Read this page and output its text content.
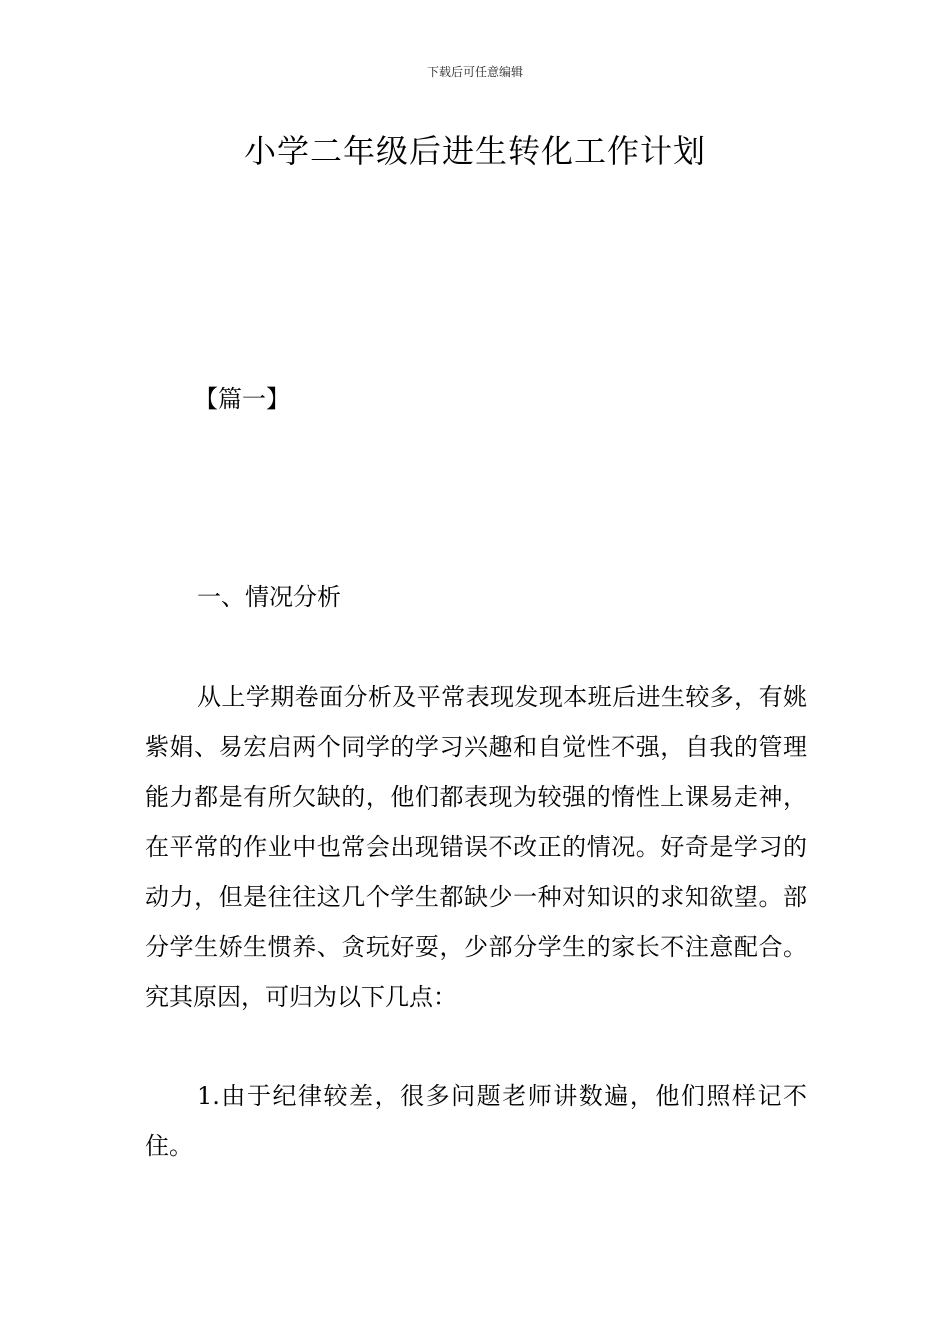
下载后可任意编辑
小学二年级后进生转化工作计划
【篇一】
一、情况分析

从上学期卷面分析及平常表现发现本班后进生较多，有姚紫娟、易宏启两个同学的学习兴趣和自觉性不强，自我的管理能力都是有所欠缺的，他们都表现为较强的惰性上课易走神，在平常的作业中也常会出现错误不改正的情况。好奇是学习的动力，但是往往这几个学生都缺少一种对知识的求知欲望。部分学生娇生惯养、贪玩好耍，少部分学生的家长不注意配合。究其原因，可归为以下几点：

1.由于纪律较差，很多问题老师讲数遍，他们照样记不住。
